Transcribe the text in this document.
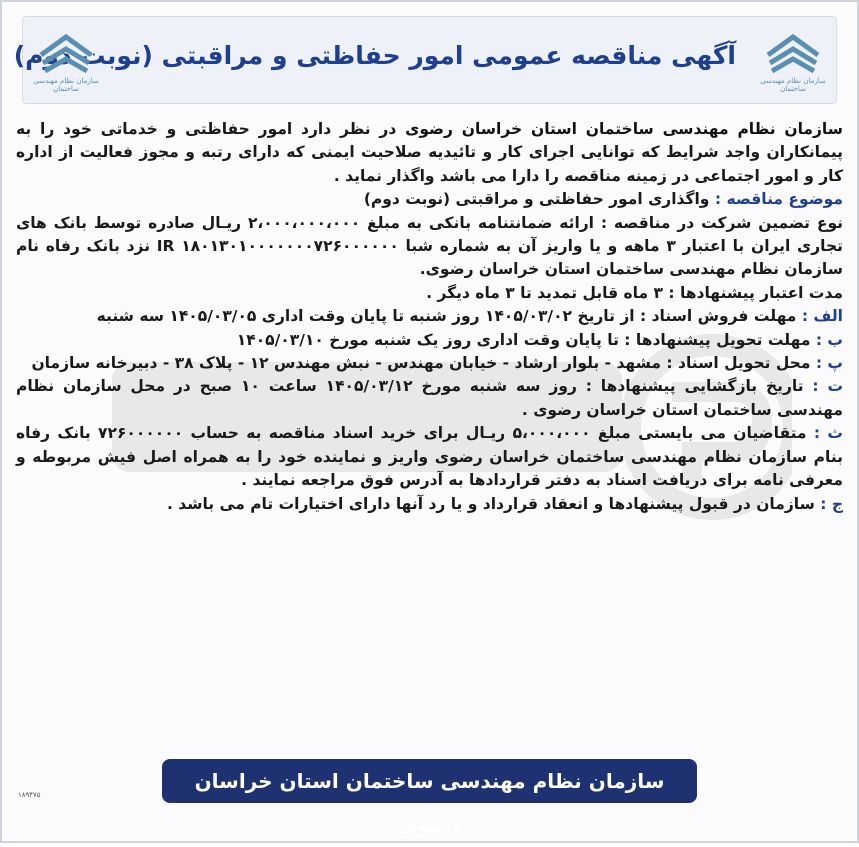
سازمان نظام مهندسی ساختمان
آگهی مناقصه عمومی امور حفاظتی و مراقبتی (نوبت دوم)
سازمان نظام مهندسی ساختمان

سازمان نظام مهندسی ساختمان استان خراسان رضوی در نظر دارد امور حفاظتی و خدماتی خود را به پیمانکاران واجد شرایط که توانایی اجرای کار و تائیدیه صلاحیت ایمنی که دارای رتبه و مجوز فعالیت از اداره کار و امور اجتماعی در زمینه مناقصه را دارا می باشد واگذار نماید .

موضوع مناقصه : واگذاری امور حفاظتی و مراقبتی (نوبت دوم)

نوع تضمین شرکت در مناقصه : ارائه ضمانتنامه بانکی به مبلغ ۲،۰۰۰،۰۰۰،۰۰۰ ریـال صادره توسط بانک های تجاری ایران با اعتبار ۳ ماهه و یا واریز آن به شماره شبا ۱۸۰۱۳۰۱۰۰۰۰۰۰۰۷۲۶۰۰۰۰۰۰ IR نزد بانک رفاه نام سازمان نظام مهندسی ساختمان استان خراسان رضوی.

مدت اعتبار پیشنهادها : ۳ ماه قابل تمدید تا ۳ ماه دیگر .

الف : مهلت فروش اسناد : از تاریخ ۱۴۰۵/۰۳/۰۲ روز شنبه تا پایان وقت اداری ۱۴۰۵/۰۳/۰۵ سه شنبه

ب : مهلت تحویل پیشنهادها : تا پایان وقت اداری روز یک شنبه مورخ ۱۴۰۵/۰۳/۱۰

پ : محل تحویل اسناد : مشهد - بلوار ارشاد - خیابان مهندس - نبش مهندس ۱۲ - پلاک ۳۸ - دبیرخانه سازمان

ت : تاریخ بازگشایی پیشنهادها : روز سه شنبه مورخ ۱۴۰۵/۰۳/۱۲ ساعت ۱۰ صبح در محل سازمان نظام مهندسی ساختمان استان خراسان رضوی .

ث : متقاضیان می بایستی مبلغ ۵،۰۰۰،۰۰۰ ریـال برای خرید اسناد مناقصه به حساب ۷۲۶۰۰۰۰۰۰ بانک رفاه بنام سازمان نظام مهندسی ساختمان خراسان رضوی واریز و نماینده خود را به همراه اصل فیش مربوطه و معرفی نامه برای دریافت اسناد به دفتر قراردادها به آدرس فوق مراجعه نمایند .

ج : سازمان در قبول پیشنهادها و انعقاد قرارداد و یا رد آنها دارای اختیارات تام می باشد .

سازمان نظام مهندسی ساختمان استان خراسان رضوی
۱۸۹۴۷۵
